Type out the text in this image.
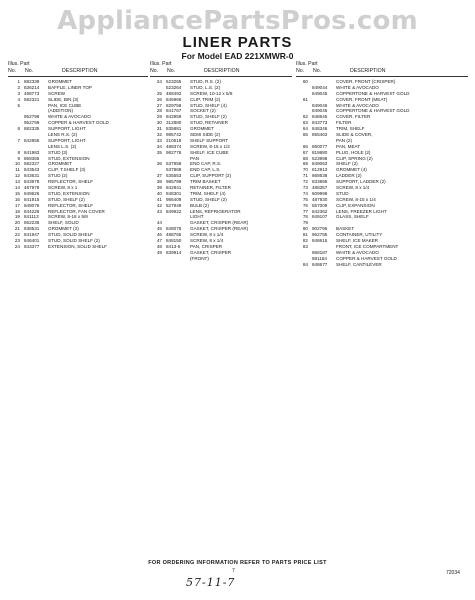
AppliancePartsPros.com
LINER PARTS
For Model EAD 221XMWR-0
Illus. Part
No. No.	DESCRIPTION
1 882339	GROMMET
2 836214	BAFFLE, LINER TOP
3 498773	SCREW
4 582321	SLIDE, BIN (3)
5	PAN, ICE CUBE
(ADDITION)
952798	WHITE & AVOCADO
952799	COPPER & HARVEST GOLD
6 882335	SUPPORT, LIGHT
LENS R.S. (2)
7 842855	SUPPORT, LIGHT
LENS L.S. (2)
8 841983	STUD (3)
9 869365	STUD, EXTENSION
10 582327	GROMMET
11 843543	CLIP, T.SHELF (3)
12 843631	STUD (2)
13 843978	REFLECTOR, SHELF
14 487978	SCREW, 8 x 1
15 849626	STUD, EXTENSION
16 841915	STUD, SHELF (2)
17 849076	REFLECTOR, SHELF
18 844228	REFLECTOR, FAN COVER
19 841113	SCREW, 8-18 x 5/8
20 862235	SHELF, SOLID
21 838531	GROMMET (2)
22 841947	STUD, SOLID SHELF
23 846401	STUD, SOLID SHELF (2)
24 843377	EXTENSION, SOLID SHELF
Illus. Part
No. No.	DESCRIPTION
24 523265	STUD, R.S. (2)
523264	STUD, L.S. (2)
25 488492	SCREW, 10-12 x 5/8
26 845966	CLIP, TRIM (2)
27 829758	STUD, SHELF (4)
28 841767	SOCKET (2)
29 842959	STUD, SHELF (2)
30 312880	STUD, RETAINER
31 835881	GROMMET
32 985742	SEMI SIDE (2)
33 210518	SHELF SUPPORT
34 488374	SCREW, 8-15 x 1/2
35 982776	SHELF, ICE CUBE
PAN
36 537858	END CAP, R.S.
537868	END CAP, L.S.
37 535553	CLIP, SUPPORT (2)
38 985799	TRIM BASKET
39 842841	RETAINER, FILTER
40 848301	TRIM, SHELF (4)
41 986409	STUD, SHELF (2)
42 527949	BULB (2)
43 849922	LENS, REFRIGERATOR
LIGHT
44	GASKET, CRISPER (REAR)
45 848076	GASKET, CRISPER (REAR)
46 488765	SCREW, 8 x 1/4
47 848150	SCREW, 8 x 1/4
48 8413-5	PAN, CRISPER
49 839914	GASKET, CRISPER
(FRONT)
Illus. Part
No. No.	DESCRIPTION
60	COVER, FRONT (CRISPER)
849044	WHITE & AVOCADO
849045	COPPERTONE & HARVEST GOLD
61	COVER, FRONT (MEAT)
849046	WHITE & AVOCADO
849045	COPPERTONE & HARVEST GOLD
62 848645	COVER, FILTER
63 843773	FILTER
64 848346	TRIM, SHELF
65 855463	SLIDE & COVER,
PAN (2)
66 860077	PAN, MEAT
67 819880	PLUG, HOLE (2)
68 523998	CLIP, SPRING (2)
69 849063	SHELF (2)
70 812913	GROMMET (4)
71 868638	LADDER (2)
72 833895	SUPPORT, LADDER (2)
73 488357	SCREW, 8 x 1/4
74 609999	STUD
75 487930	SCREW, 8-15 x 1/4
76 557009	CLIP, EXPANSION
77 842362	LENS, FREEZER LIGHT
78 849107	GLASS, SHELF
79
80 902795	BASKET
81 962785	CONTAINER, UTILITY
82 848615	SHELF, ICE MAKER
83	FRONT, ICE COMPARTMENT
868187	WHITE & AVOCADO
881184	COPPER & HARVEST GOLD
84 848677	SHELF, CANTILEVER
FOR ORDERING INFORMATION REFER TO PARTS PRICE LIST
7	72034
57-11-7
